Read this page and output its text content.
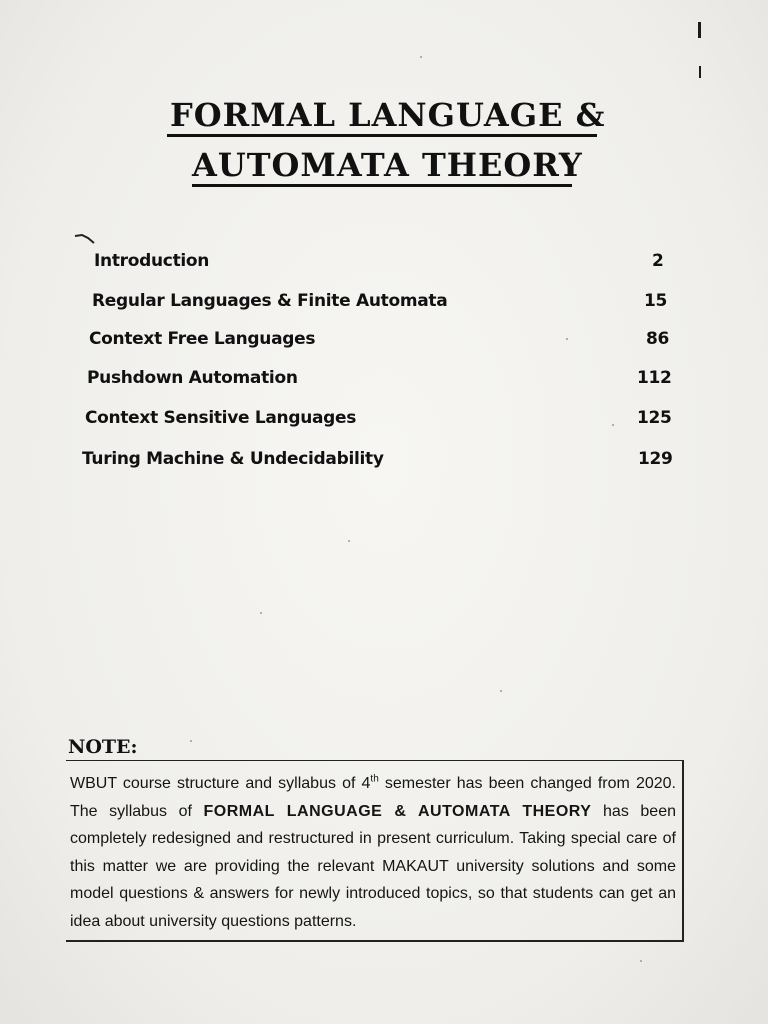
FORMAL LANGUAGE &
AUTOMATA THEORY
Introduction	2
Regular Languages & Finite Automata	15
Context Free Languages	86
Pushdown Automation	112
Context Sensitive Languages	125
Turing Machine & Undecidability	129
NOTE:
WBUT course structure and syllabus of 4th semester has been changed from 2020. The syllabus of FORMAL LANGUAGE & AUTOMATA THEORY has been completely redesigned and restructured in present curriculum. Taking special care of this matter we are providing the relevant MAKAUT university solutions and some model questions & answers for newly introduced topics, so that students can get an idea about university questions patterns.
